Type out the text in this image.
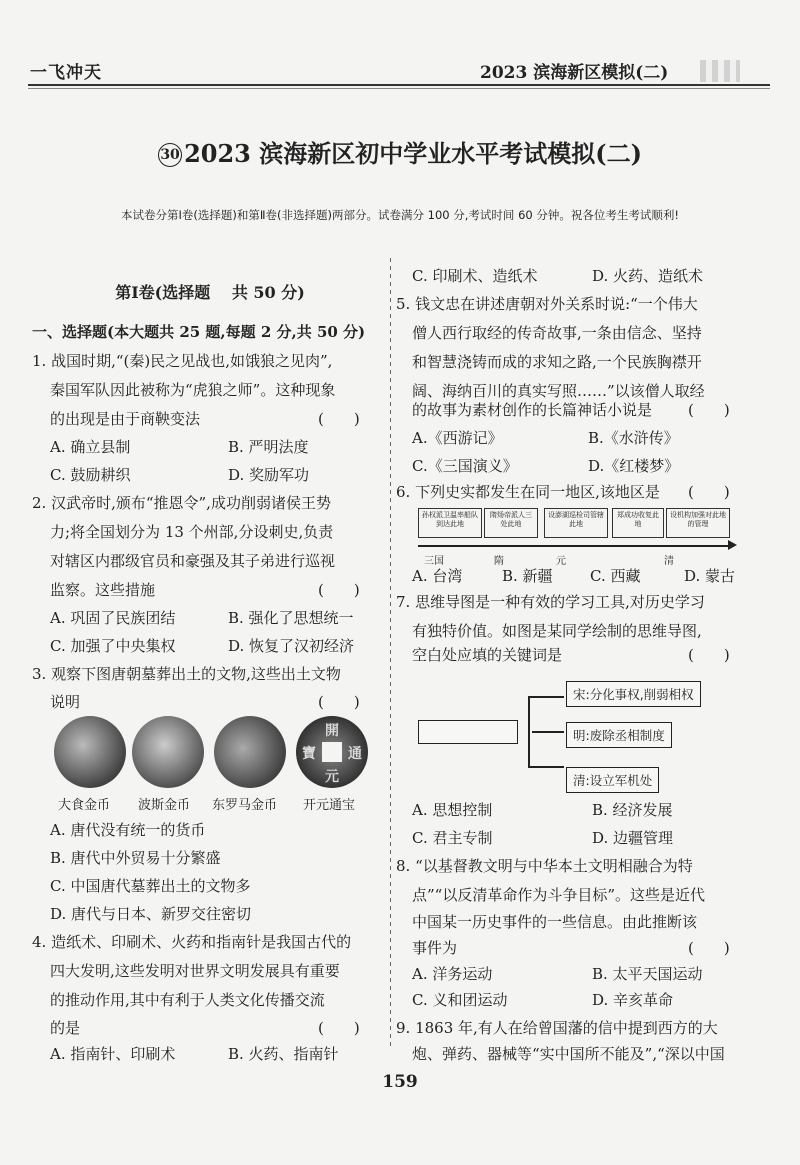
一飞冲天	2023 滨海新区模拟(二)
30 2023 滨海新区初中学业水平考试模拟(二)
本试卷分第Ⅰ卷(选择题)和第Ⅱ卷(非选择题)两部分。试卷满分 100 分,考试时间 60 分钟。祝各位考生考试顺利!
第Ⅰ卷(选择题　 共 50 分)
一、选择题(本大题共 25 题,每题 2 分,共 50 分)
1. 战国时期,“(秦)民之见战也,如饿狼之见肉”,
秦国军队因此被称为“虎狼之师”。这种现象
的出现是由于商鞅变法	(　　)
A. 确立县制	B. 严明法度
C. 鼓励耕织	D. 奖励军功
2. 汉武帝时,颁布“推恩令”,成功削弱诸侯王势
力;将全国划分为 13 个州部,分设刺史,负责
对辖区内郡级官员和豪强及其子弟进行巡视
监察。这些措施	(　　)
A. 巩固了民族团结	B. 强化了思想统一
C. 加强了中央集权	D. 恢复了汉初经济
3. 观察下图唐朝墓葬出土的文物,这些出土文物
说明	(　　)
開
元
通
寶
大食金币 波斯金币 东罗马金币 开元通宝
A. 唐代没有统一的货币
B. 唐代中外贸易十分繁盛
C. 中国唐代墓葬出土的文物多
D. 唐代与日本、新罗交往密切
4. 造纸术、印刷术、火药和指南针是我国古代的
四大发明,这些发明对世界文明发展具有重要
的推动作用,其中有利于人类文化传播交流
的是	(　　)
A. 指南针、印刷术	B. 火药、指南针
C. 印刷术、造纸术	D. 火药、造纸术
5. 钱文忠在讲述唐朝对外关系时说:“一个伟大
僧人西行取经的传奇故事,一条由信念、坚持
和智慧浇铸而成的求知之路,一个民族胸襟开
阔、海纳百川的真实写照……”以该僧人取经
的故事为素材创作的长篇神话小说是 (　　)
A.《西游记》	B.《水浒传》
C.《三国演义》	D.《红楼梦》
6. 下列史实都发生在同一地区,该地区是 (　　)
孙权派卫温率船队到达此地
隋炀帝派人三处此地
设澎湖巡检司管辖此地
郑成功收复此地
设机构加强对此地的管理
三国	隋	元	清
A. 台湾	B. 新疆 C. 西藏	D. 蒙古
7. 思维导图是一种有效的学习工具,对历史学习
有独特价值。如图是某同学绘制的思维导图,
空白处应填的关键词是	(　　)
宋:分化事权,削弱相权
明:废除丞相制度
清:设立军机处
A. 思想控制	B. 经济发展
C. 君主专制	D. 边疆管理
8. “以基督教文明与中华本土文明相融合为特
点”“以反清革命作为斗争目标”。这些是近代
中国某一历史事件的一些信息。由此推断该
事件为	(　　)
A. 洋务运动	B. 太平天国运动
C. 义和团运动	D. 辛亥革命
9. 1863 年,有人在给曾国藩的信中提到西方的大
炮、弹药、器械等“实中国所不能及”,“深以中国
159
